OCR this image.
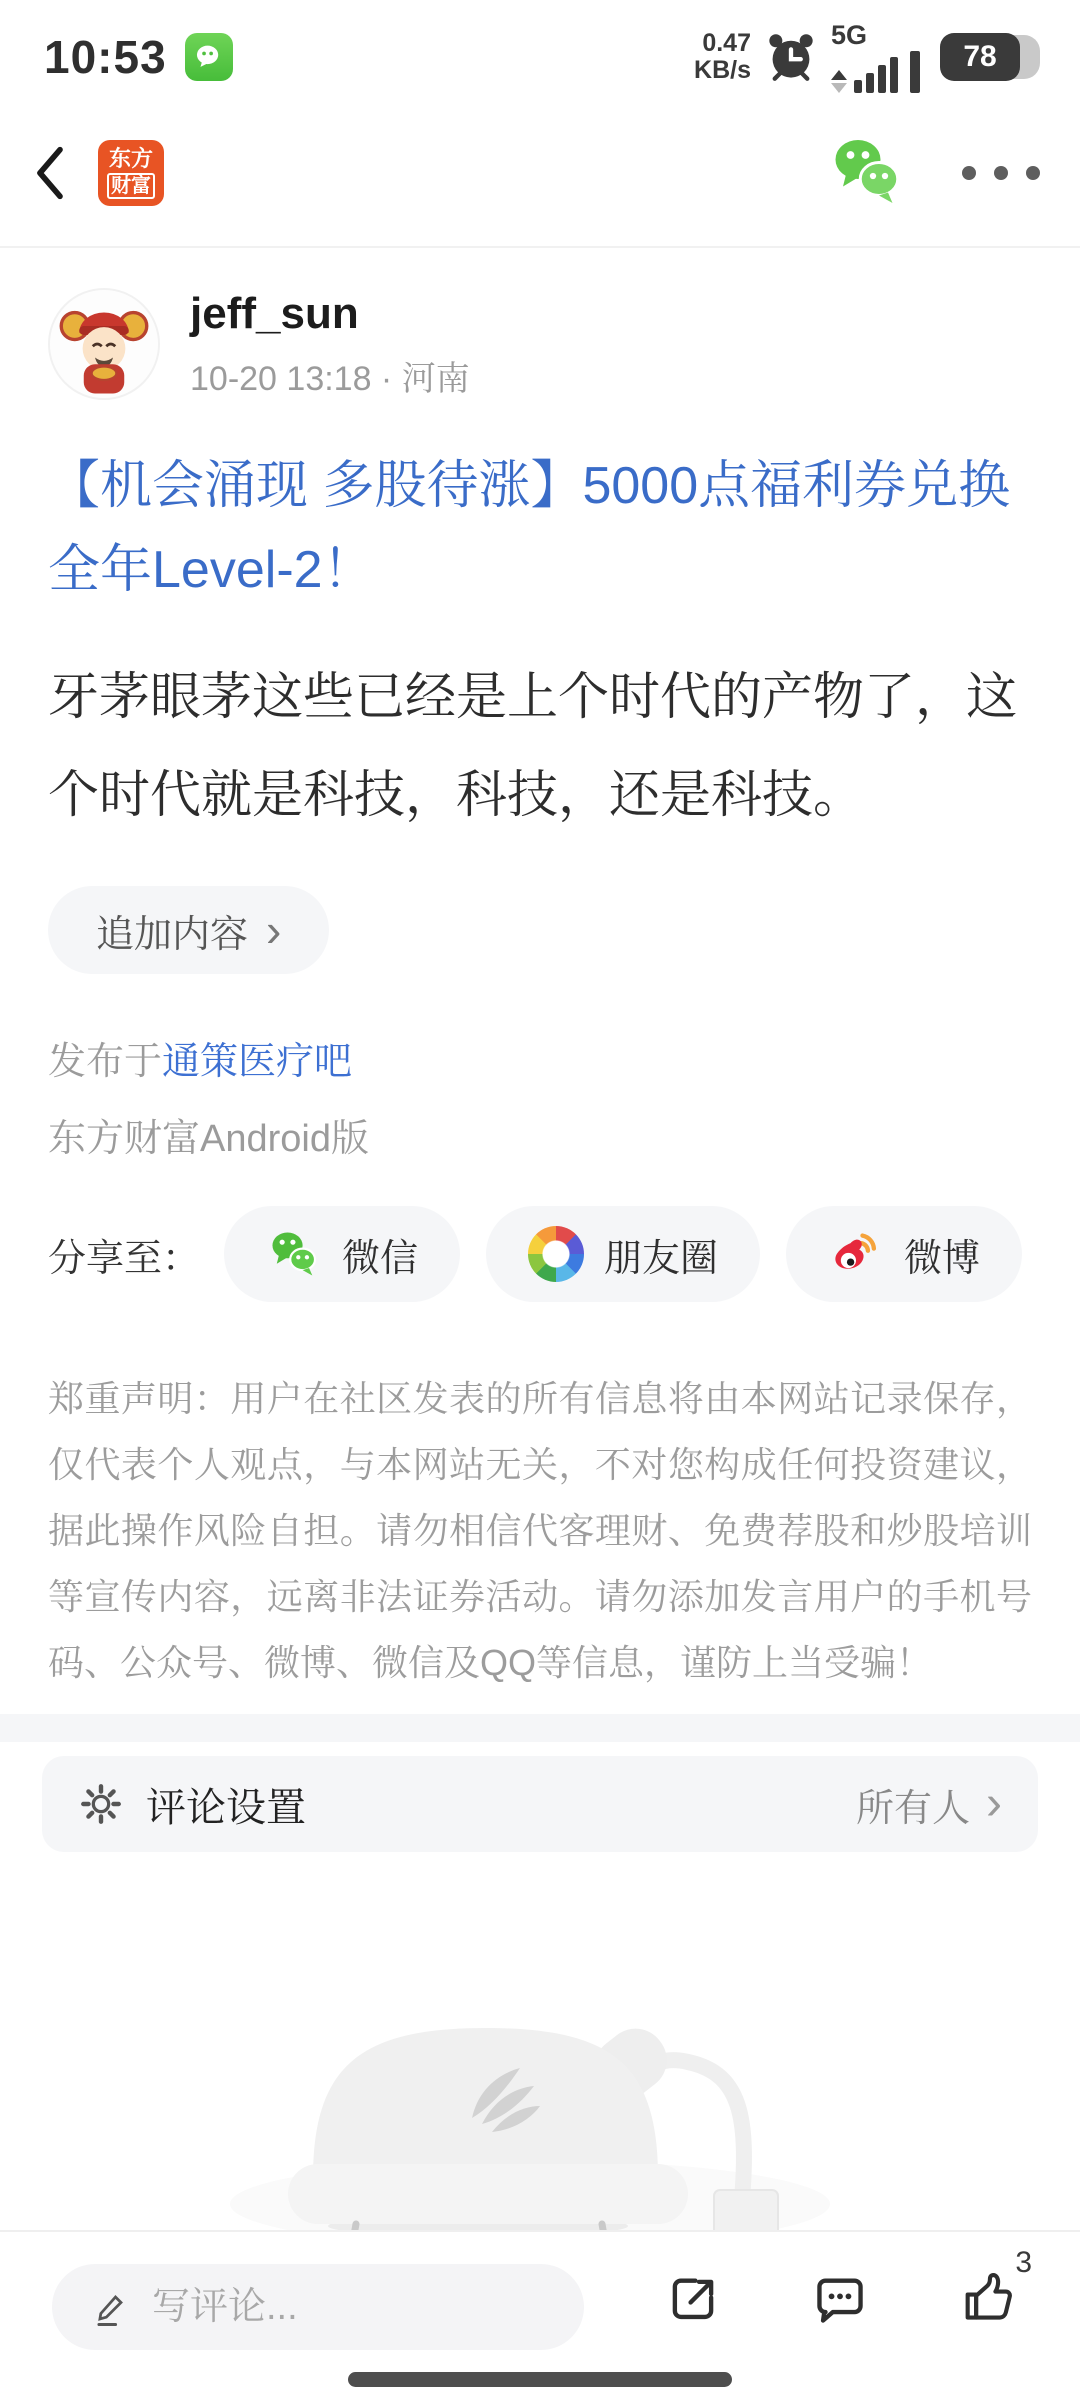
10:53	0.47
KB/s
5G
78
东方
财富
jeff_sun
10-20 13:18 · 河南
【机会涌现 多股待涨】5000点福利券兑换全年Level-2！
牙茅眼茅这些已经是上个时代的产物了，这个时代就是科技，科技，还是科技。
追加内容 ›
发布于通策医疗吧
东方财富Android版
分享至：	微信	朋友圈	微博
郑重声明：用户在社区发表的所有信息将由本网站记录保存，仅代表个人观点，与本网站无关，不对您构成任何投资建议，据此操作风险自担。请勿相信代客理财、免费荐股和炒股培训等宣传内容，远离非法证券活动。请勿添加发言用户的手机号码、公众号、微博、微信及QQ等信息，谨防上当受骗！
评论设置	所有人 ›
写评论...
3
